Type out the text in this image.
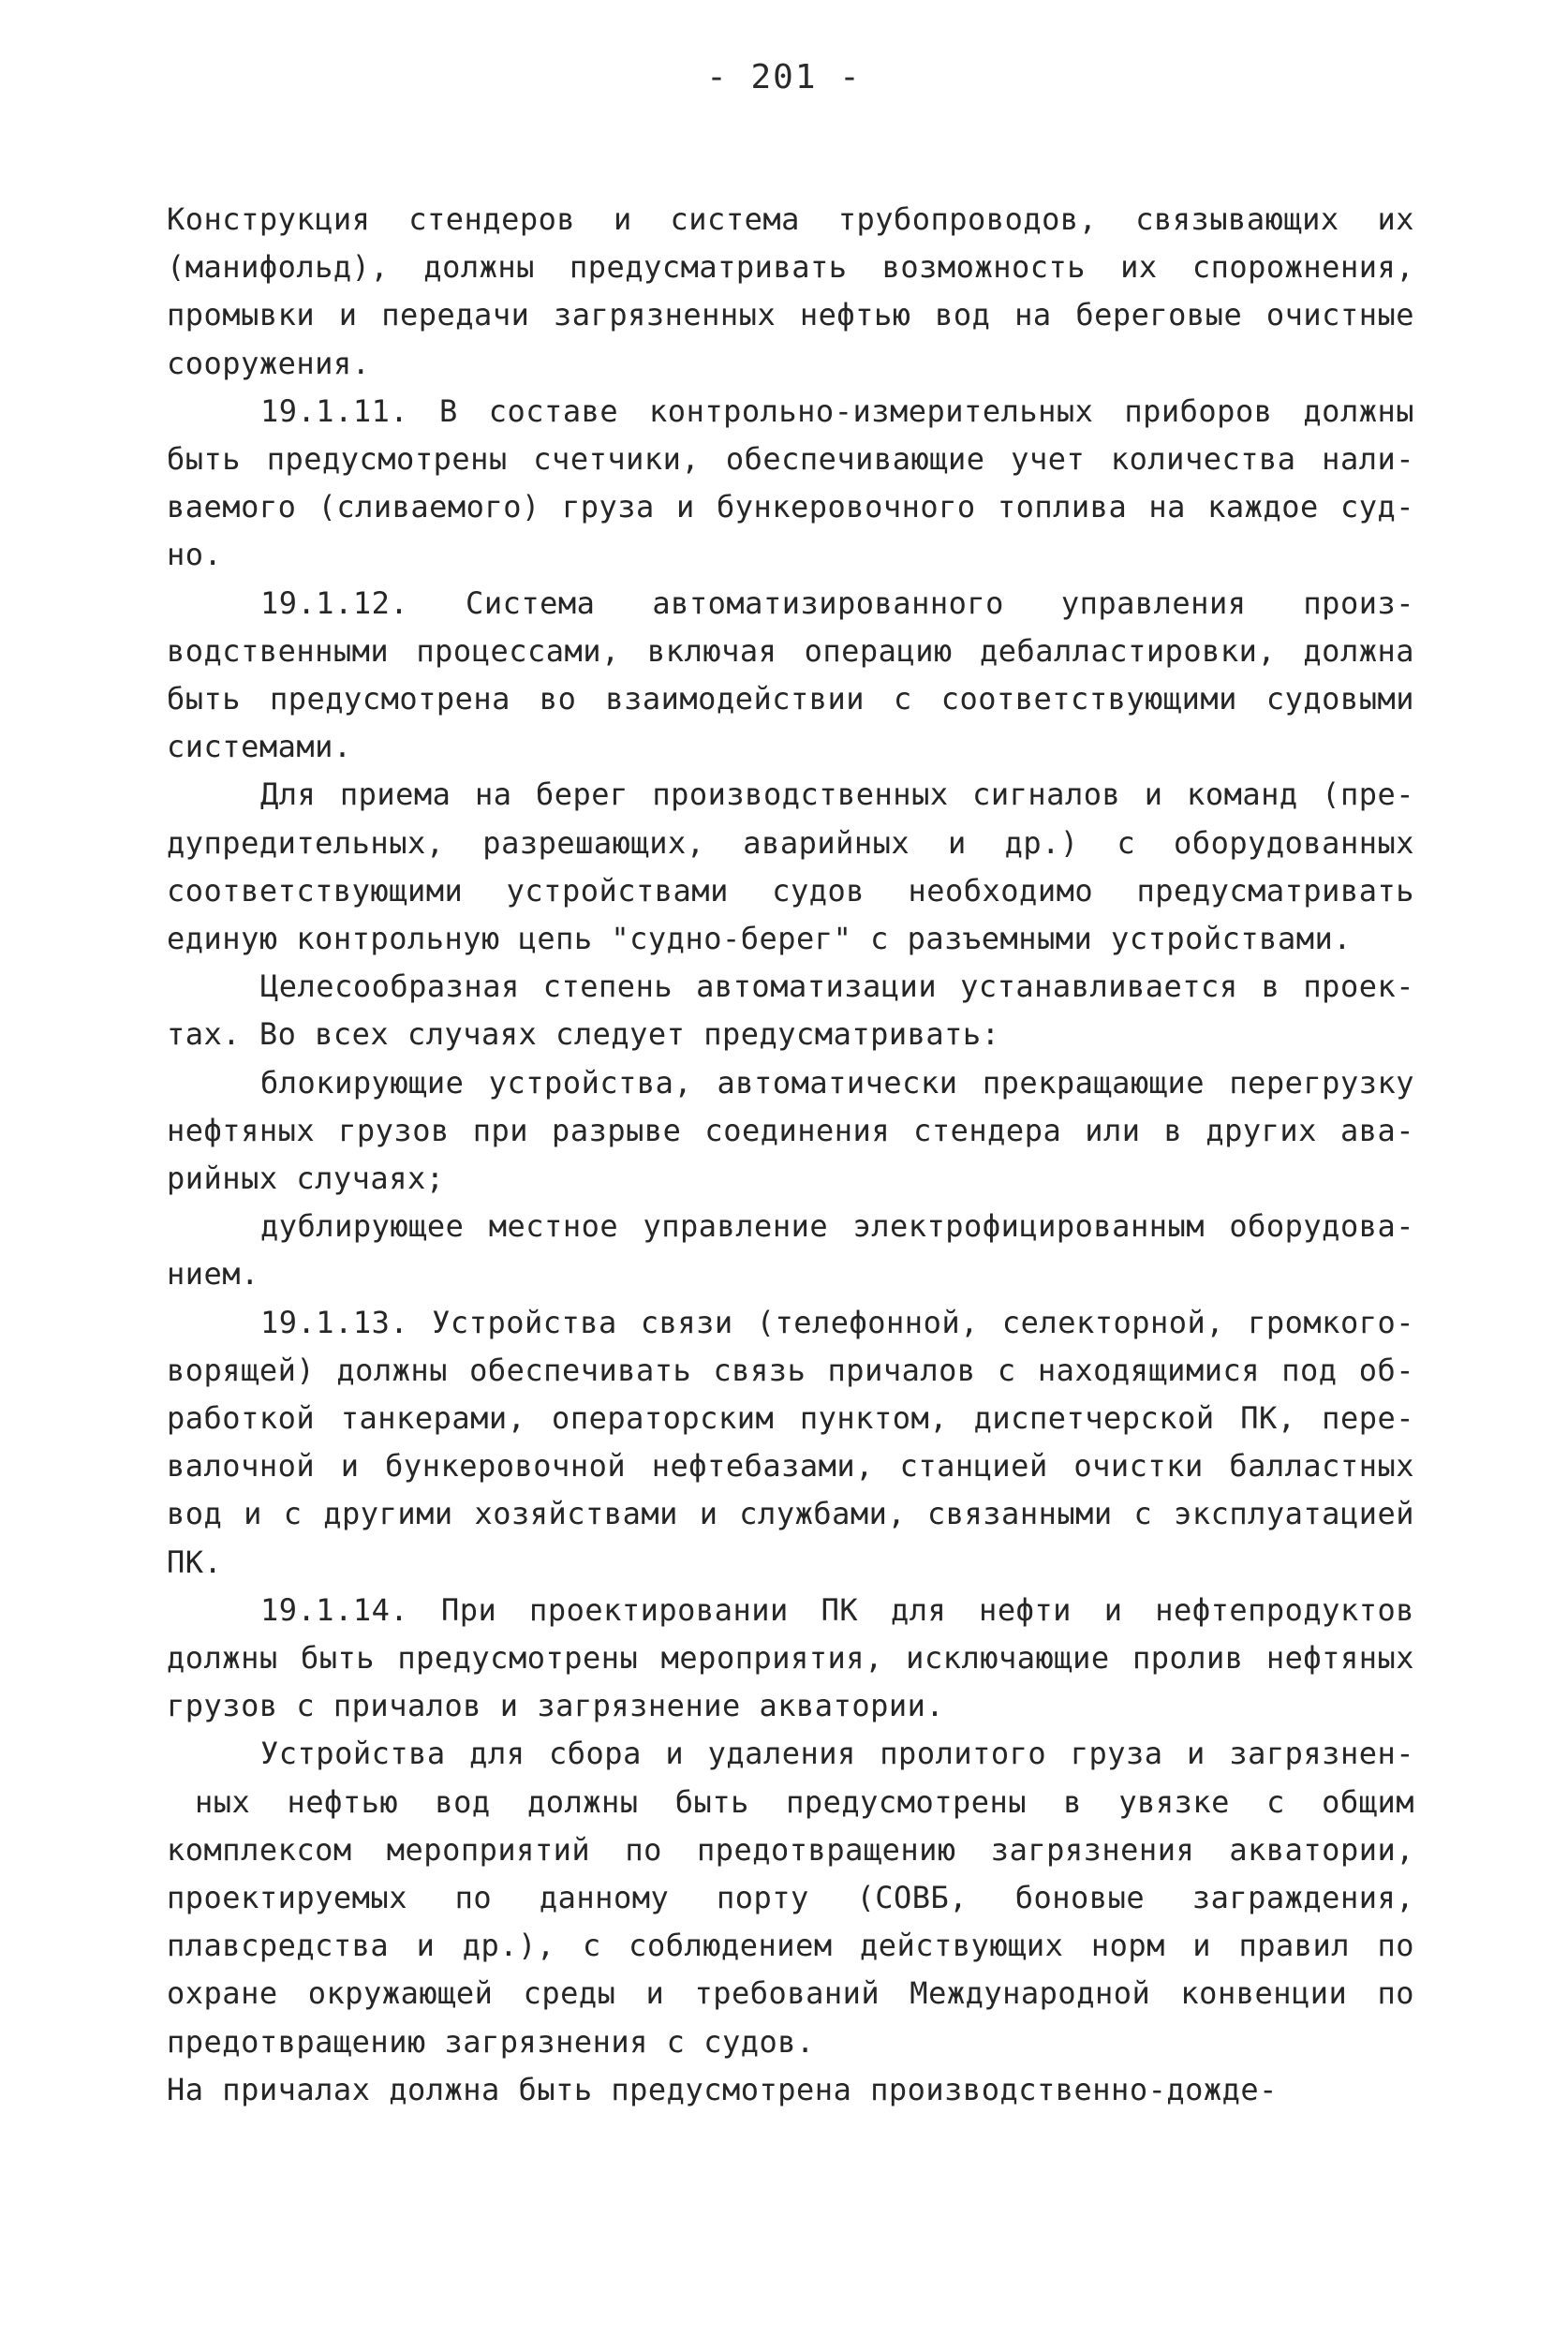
- 201 -
Конструкция стендеров и система трубопроводов, связывающих их
(манифольд), должны предусматривать возможность их спорожнения,
промывки и передачи загрязненных нефтью вод на береговые очистные
сооружения.
19.1.11. В составе контрольно-измерительных приборов должны
быть предусмотрены счетчики, обеспечивающие учет количества нали-
ваемого (сливаемого) груза и бункеровочного топлива на каждое суд-
но.
19.1.12. Система автоматизированного управления произ-
водственными процессами, включая операцию дебалластировки, должна
быть предусмотрена во взаимодействии с соответствующими судовыми
системами.
Для приема на берег производственных сигналов и команд (пре-
дупредительных, разрешающих, аварийных и др.) с оборудованных
соответствующими устройствами судов необходимо предусматривать
единую контрольную цепь "судно-берег" с разъемными устройствами.
Целесообразная степень автоматизации устанавливается в проек-
тах. Во всех случаях следует предусматривать:
блокирующие устройства, автоматически прекращающие перегрузку
нефтяных грузов при разрыве соединения стендера или в других ава-
рийных случаях;
дублирующее местное управление электрофицированным оборудова-
нием.
19.1.13. Устройства связи (телефонной, селекторной, громкого-
ворящей) должны обеспечивать связь причалов с находящимися под об-
работкой танкерами, операторским пунктом, диспетчерской ПК, пере-
валочной и бункеровочной нефтебазами, станцией очистки балластных
вод и с другими хозяйствами и службами, связанными с эксплуатацией
ПК.
19.1.14. При проектировании ПК для нефти и нефтепродуктов
должны быть предусмотрены мероприятия, исключающие пролив нефтяных
грузов с причалов и загрязнение акватории.
Устройства для сбора и удаления пролитого груза и загрязнен-
ных нефтью вод должны быть предусмотрены в увязке с общим
комплексом мероприятий по предотвращению загрязнения акватории,
проектируемых по данному порту (СОВБ, боновые заграждения,
плавсредства и др.), с соблюдением действующих норм и правил по
охране окружающей среды и требований Международной конвенции по
предотвращению загрязнения с судов.
На причалах должна быть предусмотрена производственно-дожде-
